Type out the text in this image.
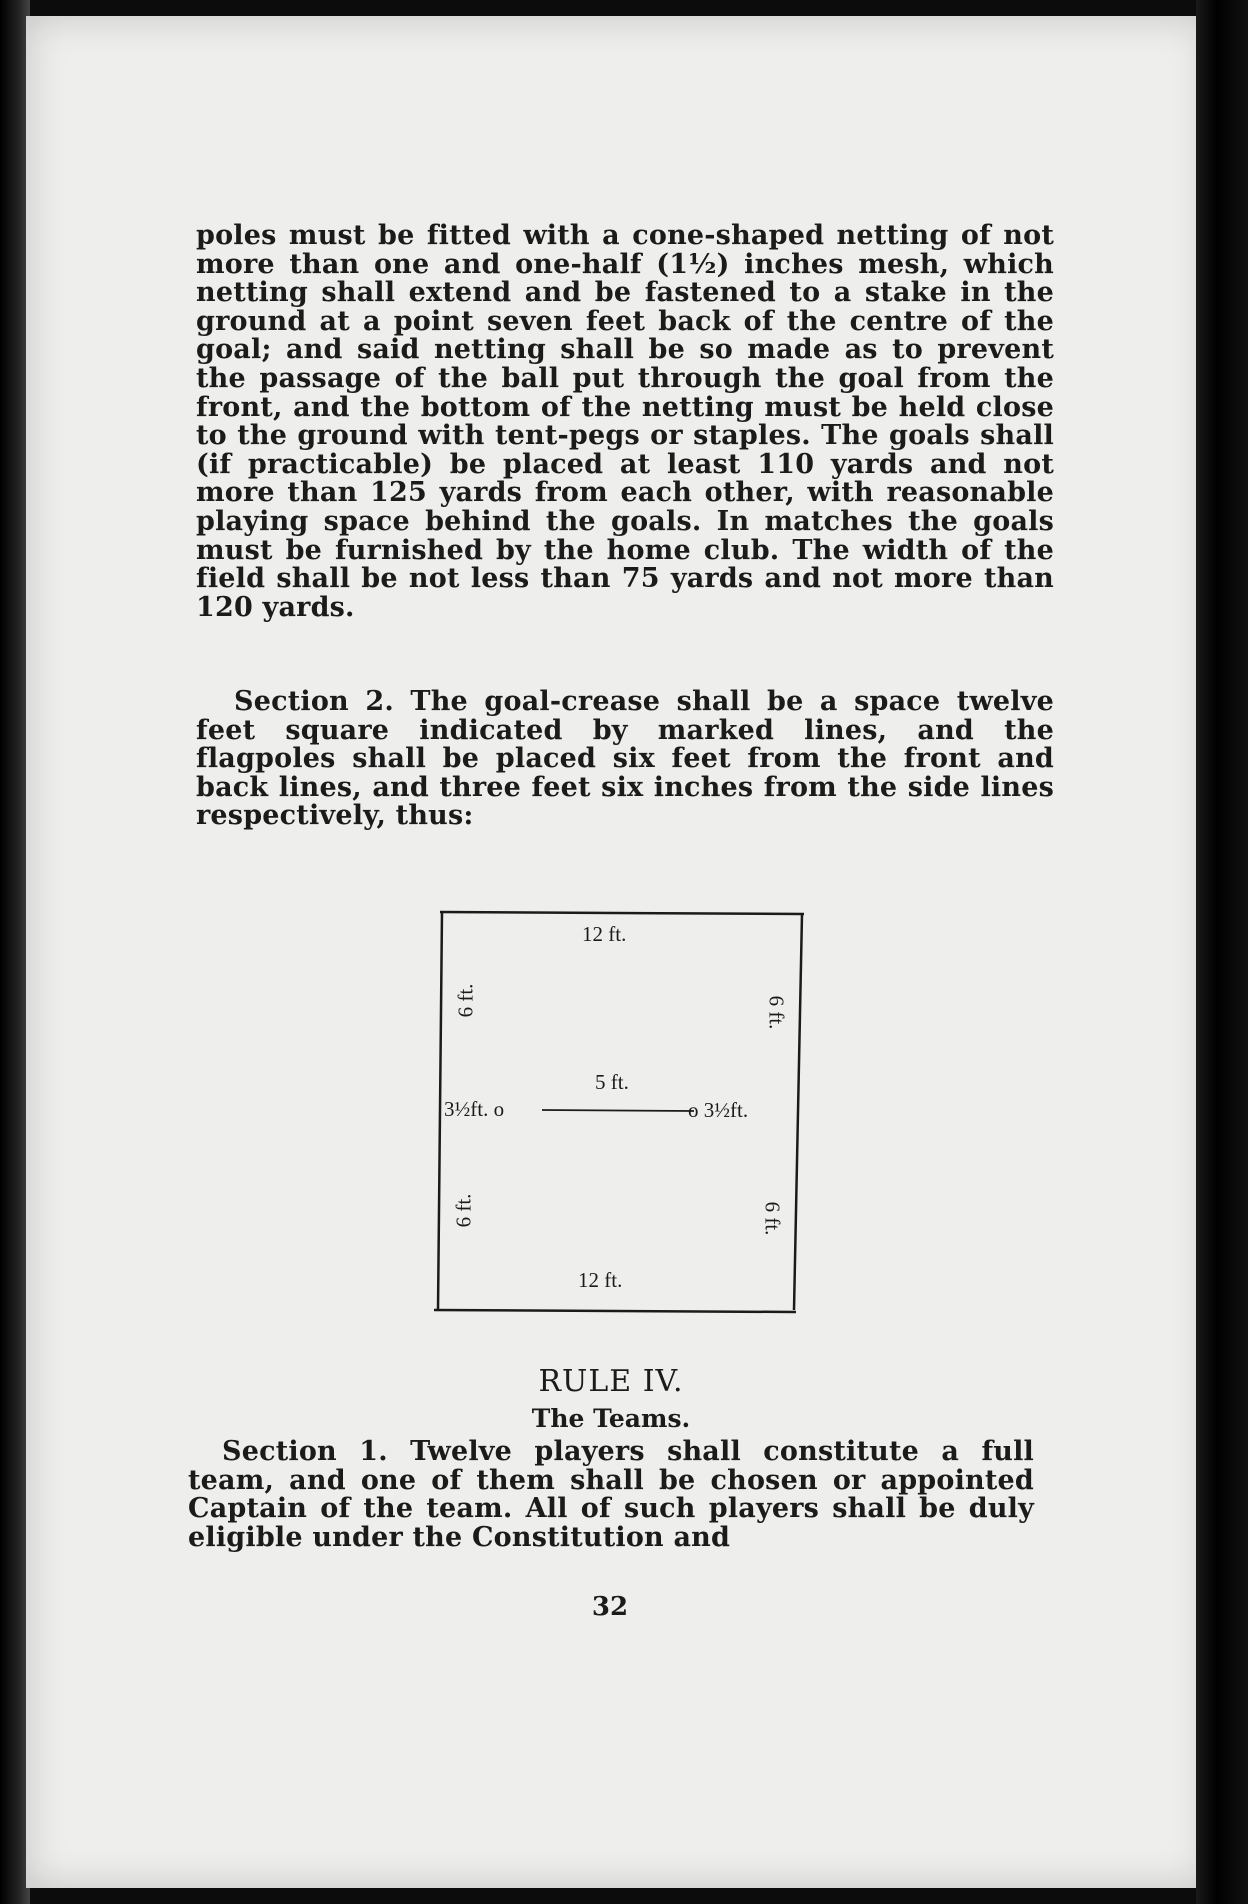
poles must be fitted with a cone-shaped netting of not more than one and one-half (1½) inches mesh, which netting shall extend and be fastened to a stake in the ground at a point seven feet back of the centre of the goal; and said netting shall be so made as to prevent the passage of the ball put through the goal from the front, and the bottom of the netting must be held close to the ground with tent-pegs or staples. The goals shall (if practicable) be placed at least 110 yards and not more than 125 yards from each other, with reasonable playing space behind the goals. In matches the goals must be furnished by the home club. The width of the field shall be not less than 75 yards and not more than 120 yards.
Section 2. The goal-crease shall be a space twelve feet square indicated by marked lines, and the flagpoles shall be placed six feet from the front and back lines, and three feet six inches from the side lines respectively, thus:
12 ft.
12 ft.
5 ft.
3½ft. o	o 3½ft.
6 ft.
6 ft.
6 ft.
6 ft.
RULE IV.
The Teams.
Section 1. Twelve players shall constitute a full team, and one of them shall be chosen or appointed Captain of the team. All of such players shall be duly eligible under the Constitution and
32
